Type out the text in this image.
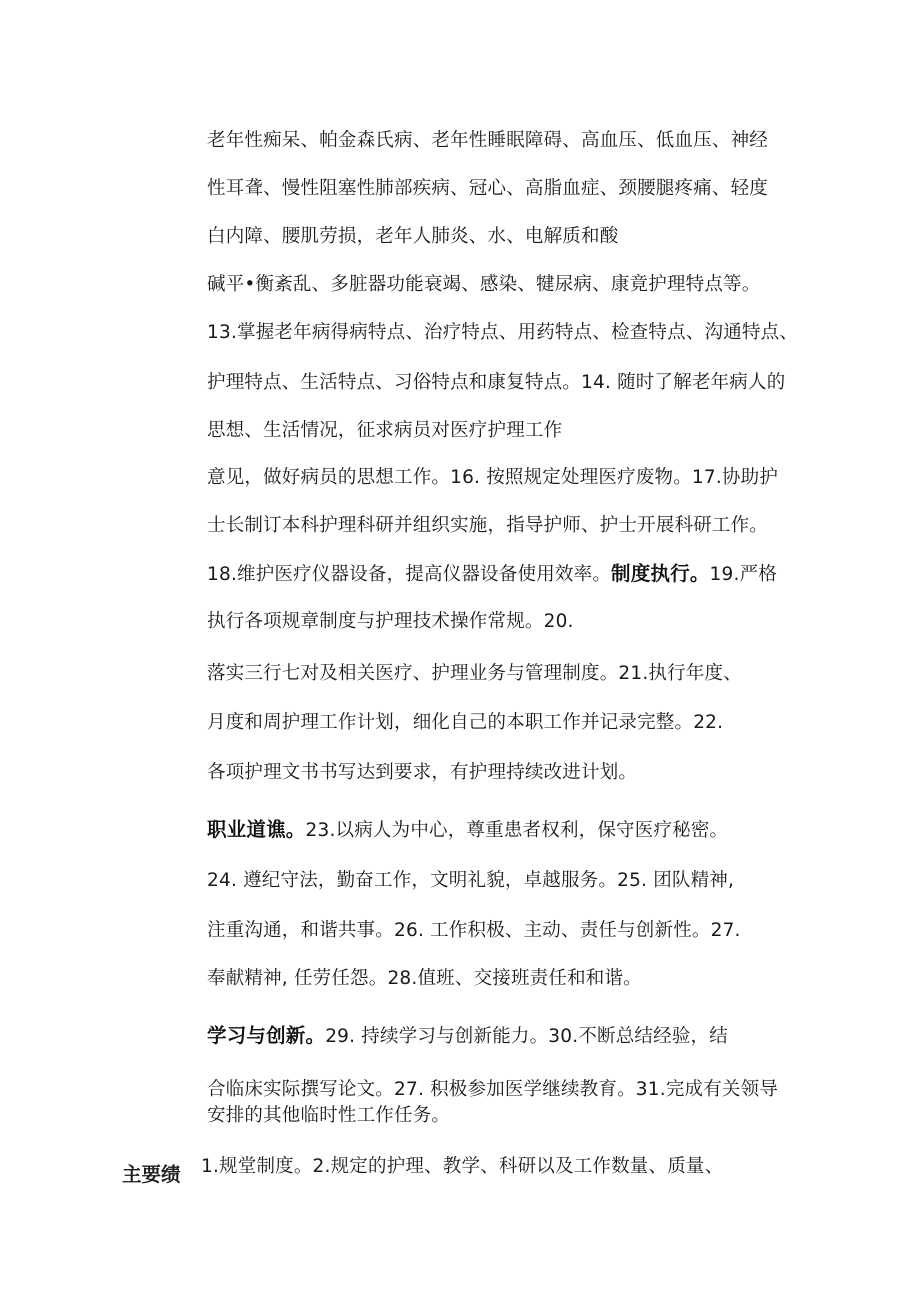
老年性痴呆、帕金森氏病、老年性睡眠障碍、高血压、低血压、神经
性耳聋、慢性阻塞性肺部疾病、冠心、高脂血症、颈腰腿疼痛、轻度
白内障、腰肌劳损，老年人肺炎、水、电解质和酸
碱平•衡紊乱、多脏器功能衰竭、感染、犍尿病、康竟护理特点等。
13.掌握老年病得病特点、治疗特点、用药特点、检查特点、沟通特点、
护理特点、生活特点、习俗特点和康复特点。14. 随时了解老年病人的
思想、生活情况，征求病员对医疗护理工作
意见，做好病员的思想工作。16. 按照规定处理医疗废物。17.协助护
士长制订本科护理科研并组织实施，指导护师、护士开展科研工作。
18.维护医疗仪器设备，提高仪器设备使用效率。制度执行。19.严格
执行各项规章制度与护理技术操作常规。20.
落实三行七对及相关医疗、护理业务与管理制度。21.执行年度、
月度和周护理工作计划，细化自己的本职工作并记录完整。22.
各项护理文书书写达到要求，有护理持续改进计划。
职业道谯。23.以病人为中心，尊重患者权利，保守医疗秘密。
24. 遵纪守法，勤奋工作，文明礼貌，卓越服务。25. 团队精神,
注重沟通，和谐共事。26. 工作积极、主动、责任与创新性。27.
奉献精神, 任劳任怨。28.值班、交接班责任和和谐。
学习与创新。29. 持续学习与创新能力。30.不断总结经验，结
合临床实际撰写论文。27. 积极参加医学继续教育。31.完成有关领导
安排的其他临时性工作任务。
主要绩 1.规堂制度。2.规定的护理、教学、科研以及工作数量、质量、
